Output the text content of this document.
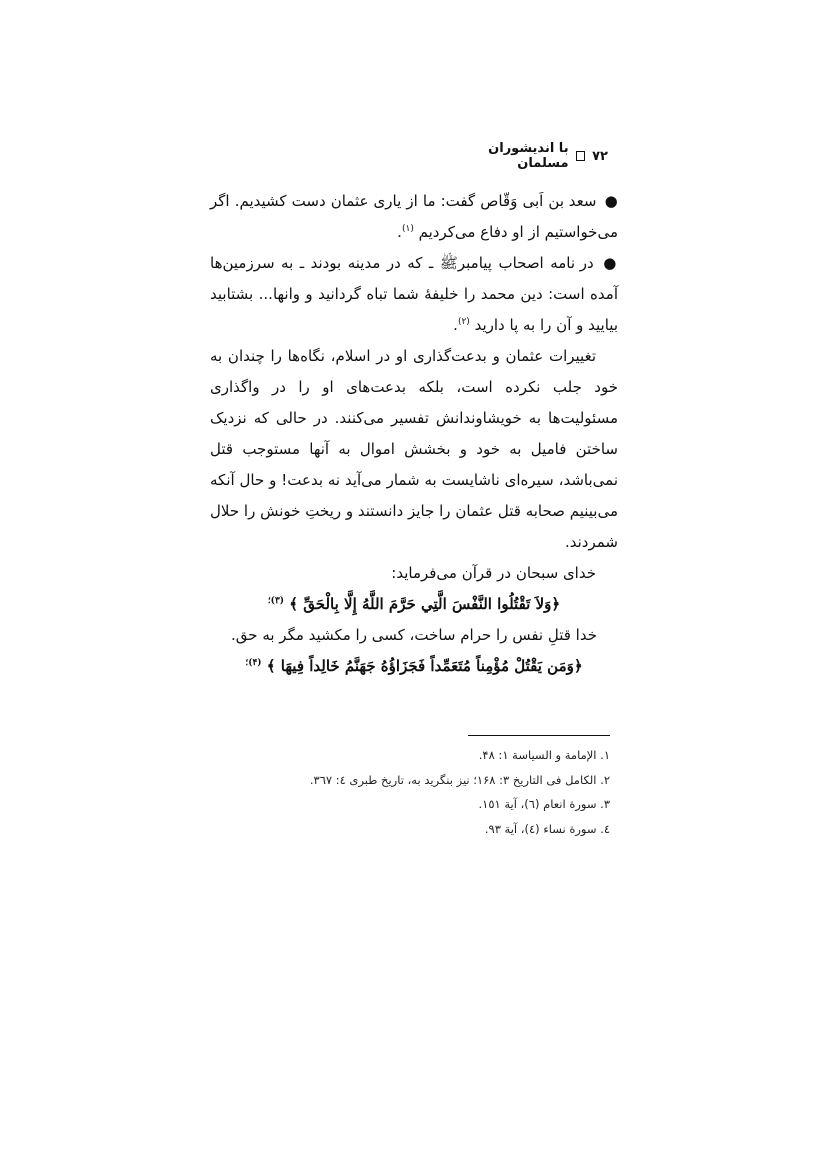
۷۲
با اندیشوران مسلمان

● سعد بن اَبی وَقّاص گفت: ما از یاری عثمان دست کشیدیم. اگر می‌خواستیم از او دفاع می‌کردیم $^{(۱)}$.

● در نامه اصحاب پیامبرﷺ ـ که در مدینه بودند ـ به سرزمین‌ها آمده است: دین محمد را خلیفهٔ شما تباه گردانید و وانها... بشتابید بیایید و آن را به پا دارید $^{(۲)}$.

تغییرات عثمان و بدعت‌گذاری او در اسلام، نگاه‌ها را چندان به خود جلب نکرده است، بلکه بدعت‌های او را در واگذاری مسئولیت‌ها به خویشاوندانش تفسیر می‌کنند. در حالی که نزدیک ساختن فامیل به خود و بخشش اموال به آنها مستوجب قتل نمی‌باشد، سیره‌ای ناشایست به شمار می‌آید نه بدعت! و حال آنکه می‌بینیم صحابه قتل عثمان را جایز دانستند و ریختِ خونش را حلال شمردند.

خدای سبحان در قرآن می‌فرماید:

﴿وَلاَ تَقْتُلُوا النَّفْسَ الَّتِي حَرَّمَ اللَّهُ إِلَّا بِالْحَقِّ ﴾ $^{(۳)؛}$

خدا قتلِ نفس را حرام ساخت، کسی را مکشید مگر به حق.

﴿وَمَن يَقْتُلْ مُؤْمِناً مُتَعَمِّداً فَجَزَاؤُهُ جَهَنَّمُ خَالِداً فِيهَا ﴾ $^{(۴)؛}$

۱. الإمامة و السیاسة ۱: ۴۸.
۲. الکامل فی التاریخ ۳: ۱۶۸؛ نیز بنگرید به، تاریخ طبری ٤: ٣٦٧.
۳. سورة انعام (٦)، آیة ١٥١.
٤. سورة نساء (٤)، آیة ٩٣.
